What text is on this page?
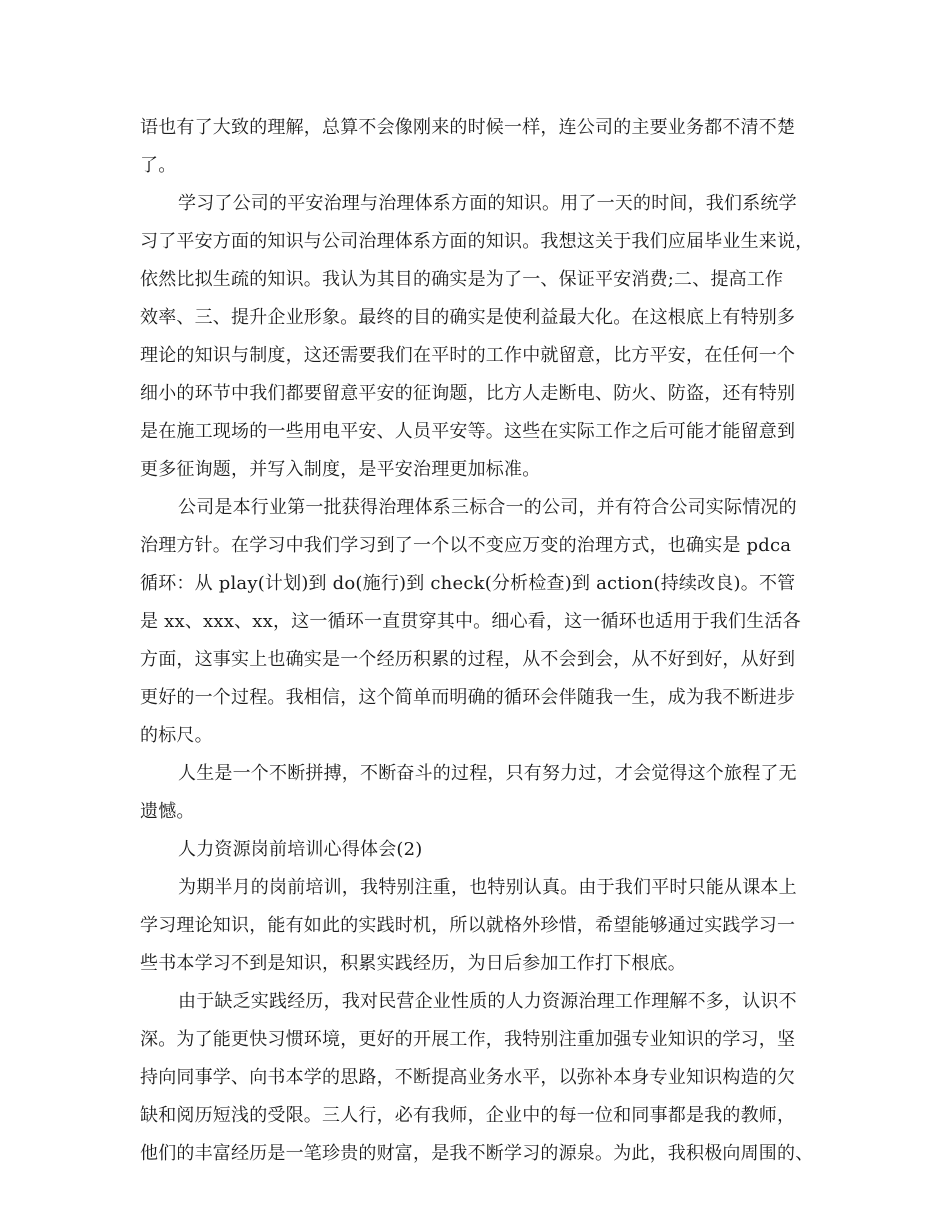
语也有了大致的理解，总算不会像刚来的时候一样，连公司的主要业务都不清不楚
了。
学习了公司的平安治理与治理体系方面的知识。用了一天的时间，我们系统学
习了平安方面的知识与公司治理体系方面的知识。我想这关于我们应届毕业生来说，
依然比拟生疏的知识。我认为其目的确实是为了一、保证平安消费;二、提高工作
效率、三、提升企业形象。最终的目的确实是使利益最大化。在这根底上有特别多
理论的知识与制度，这还需要我们在平时的工作中就留意，比方平安，在任何一个
细小的环节中我们都要留意平安的征询题，比方人走断电、防火、防盗，还有特别
是在施工现场的一些用电平安、人员平安等。这些在实际工作之后可能才能留意到
更多征询题，并写入制度，是平安治理更加标准。
公司是本行业第一批获得治理体系三标合一的公司，并有符合公司实际情况的
治理方针。在学习中我们学习到了一个以不变应万变的治理方式，也确实是 pdca
循环：从 play(计划)到 do(施行)到 check(分析检查)到 action(持续改良)。不管
是 xx、xxx、xx，这一循环一直贯穿其中。细心看，这一循环也适用于我们生活各
方面，这事实上也确实是一个经历积累的过程，从不会到会，从不好到好，从好到
更好的一个过程。我相信，这个简单而明确的循环会伴随我一生，成为我不断进步
的标尺。
人生是一个不断拼搏，不断奋斗的过程，只有努力过，才会觉得这个旅程了无
遗憾。
人力资源岗前培训心得体会(2)
为期半月的岗前培训，我特别注重，也特别认真。由于我们平时只能从课本上
学习理论知识，能有如此的实践时机，所以就格外珍惜，希望能够通过实践学习一
些书本学习不到是知识，积累实践经历，为日后参加工作打下根底。
由于缺乏实践经历，我对民营企业性质的人力资源治理工作理解不多，认识不
深。为了能更快习惯环境，更好的开展工作，我特别注重加强专业知识的学习，坚
持向同事学、向书本学的思路，不断提高业务水平，以弥补本身专业知识构造的欠
缺和阅历短浅的受限。三人行，必有我师，企业中的每一位和同事都是我的教师，
他们的丰富经历是一笔珍贵的财富，是我不断学习的源泉。为此，我积极向周围的、
